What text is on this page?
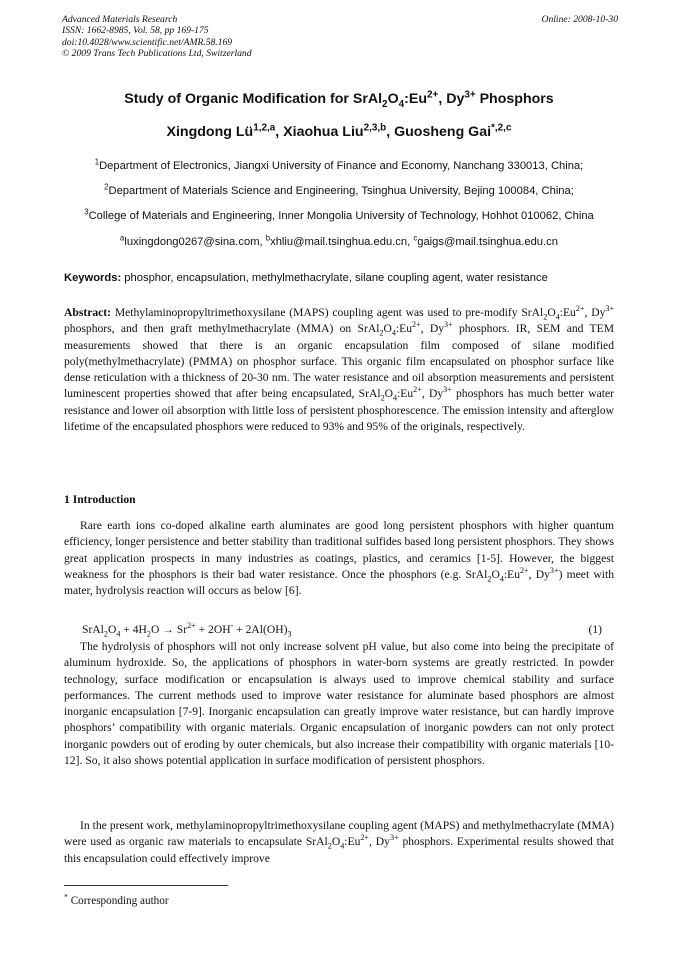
Advanced Materials Research
ISSN: 1662-8985, Vol. 58, pp 169-175
doi:10.4028/www.scientific.net/AMR.58.169
© 2009 Trans Tech Publications Ltd, Switzerland
Online: 2008-10-30
Study of Organic Modification for $SrAl_2O_4:Eu^{2+}$, $Dy^{3+}$ Phosphors
Xingdong Lü$^{1,2,a}$, Xiaohua Liu$^{2,3,b}$, Guosheng Gai$^{*,2,c}$
$^1$Department of Electronics, Jiangxi University of Finance and Economy, Nanchang 330013, China;
$^2$Department of Materials Science and Engineering, Tsinghua University, Bejing 100084, China;
$^3$College of Materials and Engineering, Inner Mongolia University of Technology, Hohhot 010062, China
$^a$luxingdong0267@sina.com, $^b$xhliu@mail.tsinghua.edu.cn, $^c$gaigs@mail.tsinghua.edu.cn
Keywords: phosphor, encapsulation, methylmethacrylate, silane coupling agent, water resistance
Abstract: Methylaminopropyltrimethoxysilane (MAPS) coupling agent was used to pre-modify $SrAl_2O_4:Eu^{2+}$, $Dy^{3+}$ phosphors, and then graft methylmethacrylate (MMA) on $SrAl_2O_4:Eu^{2+}$, $Dy^{3+}$ phosphors. IR, SEM and TEM measurements showed that there is an organic encapsulation film composed of silane modified poly(methylmethacrylate) (PMMA) on phosphor surface. This organic film encapsulated on phosphor surface like dense reticulation with a thickness of 20-30 nm. The water resistance and oil absorption measurements and persistent luminescent properties showed that after being encapsulated, $SrAl_2O_4:Eu^{2+}$, $Dy^{3+}$ phosphors has much better water resistance and lower oil absorption with little loss of persistent phosphorescence. The emission intensity and afterglow lifetime of the encapsulated phosphors were reduced to 93% and 95% of the originals, respectively.
1 Introduction
Rare earth ions co-doped alkaline earth aluminates are good long persistent phosphors with higher quantum efficiency, longer persistence and better stability than traditional sulfides based long persistent phosphors. They shows great application prospects in many industries as coatings, plastics, and ceramics [1-5]. However, the biggest weakness for the phosphors is their bad water resistance. Once the phosphors (e.g. $SrAl_2O_4:Eu^{2+}$, $Dy^{3+}$) meet with mater, hydrolysis reaction will occurs as below [6].
$SrAl_2O_4 + 4H_2O \to Sr^{2+} + 2OH^- + 2Al(OH)_3$	(1)
The hydrolysis of phosphors will not only increase solvent pH value, but also come into being the precipitate of aluminum hydroxide. So, the applications of phosphors in water-born systems are greatly restricted. In powder technology, surface modification or encapsulation is always used to improve chemical stability and surface performances. The current methods used to improve water resistance for aluminate based phosphors are almost inorganic encapsulation [7-9]. Inorganic encapsulation can greatly improve water resistance, but can hardly improve phosphors’ compatibility with organic materials. Organic encapsulation of inorganic powders can not only protect inorganic powders out of eroding by outer chemicals, but also increase their compatibility with organic materials [10-12]. So, it also shows potential application in surface modification of persistent phosphors.
In the present work, methylaminopropyltrimethoxysilane coupling agent (MAPS) and methylmethacrylate (MMA) were used as organic raw materials to encapsulate $SrAl_2O_4:Eu^{2+}$, $Dy^{3+}$ phosphors. Experimental results showed that this encapsulation could effectively improve
* Corresponding author
